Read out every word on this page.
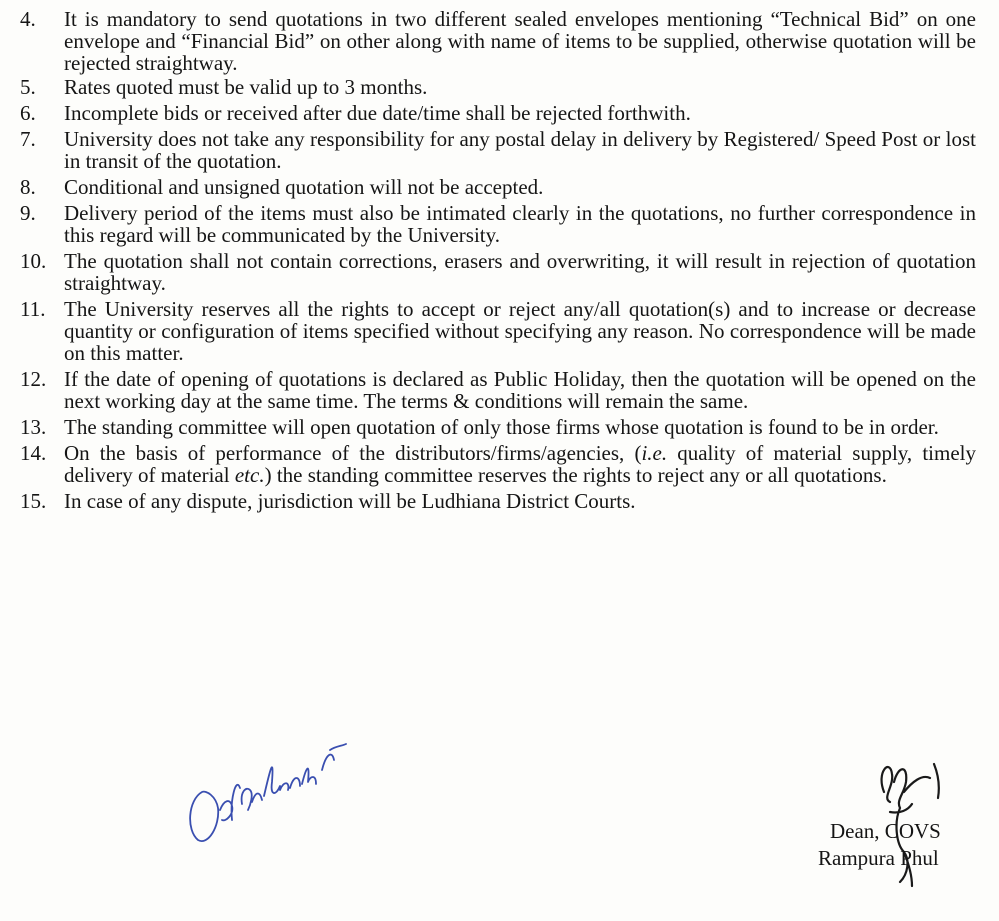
4.	It is mandatory to send quotations in two different sealed envelopes mentioning “Technical Bid” on one envelope and “Financial Bid” on other along with name of items to be supplied, otherwise quotation will be rejected straightway.
5.	Rates quoted must be valid up to 3 months.
6.	Incomplete bids or received after due date/time shall be rejected forthwith.
7.	University does not take any responsibility for any postal delay in delivery by Registered/ Speed Post or lost in transit of the quotation.
8.	Conditional and unsigned quotation will not be accepted.
9.	Delivery period of the items must also be intimated clearly in the quotations, no further correspondence in this regard will be communicated by the University.
10. The quotation shall not contain corrections, erasers and overwriting, it will result in rejection of quotation straightway.
11. The University reserves all the rights to accept or reject any/all quotation(s) and to increase or decrease quantity or configuration of items specified without specifying any reason. No correspondence will be made on this matter.
12. If the date of opening of quotations is declared as Public Holiday, then the quotation will be opened on the next working day at the same time. The terms & conditions will remain the same.
13. The standing committee will open quotation of only those firms whose quotation is found to be in order.
14. On the basis of performance of the distributors/firms/agencies, (i.e. quality of material supply, timely delivery of material etc.) the standing committee reserves the rights to reject any or all quotations.
15. In case of any dispute, jurisdiction will be Ludhiana District Courts.
Dean, COVS
Rampura Phul
